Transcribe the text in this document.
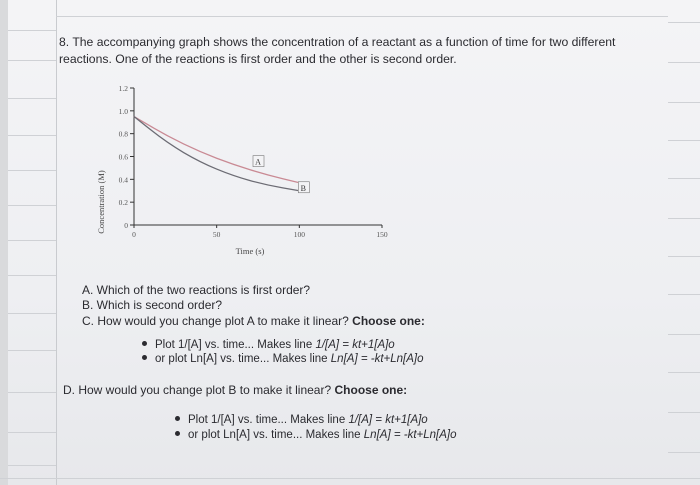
8. The accompanying graph shows the concentration of a reactant as a function of time for two different
reactions. One of the reactions is first order and the other is second order.
Concentration (M)
Time (s)
0
0.2
0.4
0.6
0.8
1.0
1.2
0	50	100	150
A
B
A. Which of the two reactions is first order?
B. Which is second order?
C. How would you change plot A to make it linear? Choose one:
Plot 1/[A] vs. time... Makes line 1/[A] = kt+1[A]o
or plot Ln[A] vs. time... Makes line Ln[A] = -kt+Ln[A]o
D. How would you change plot B to make it linear? Choose one:
Plot 1/[A] vs. time... Makes line 1/[A] = kt+1[A]o
or plot Ln[A] vs. time... Makes line Ln[A] = -kt+Ln[A]o
